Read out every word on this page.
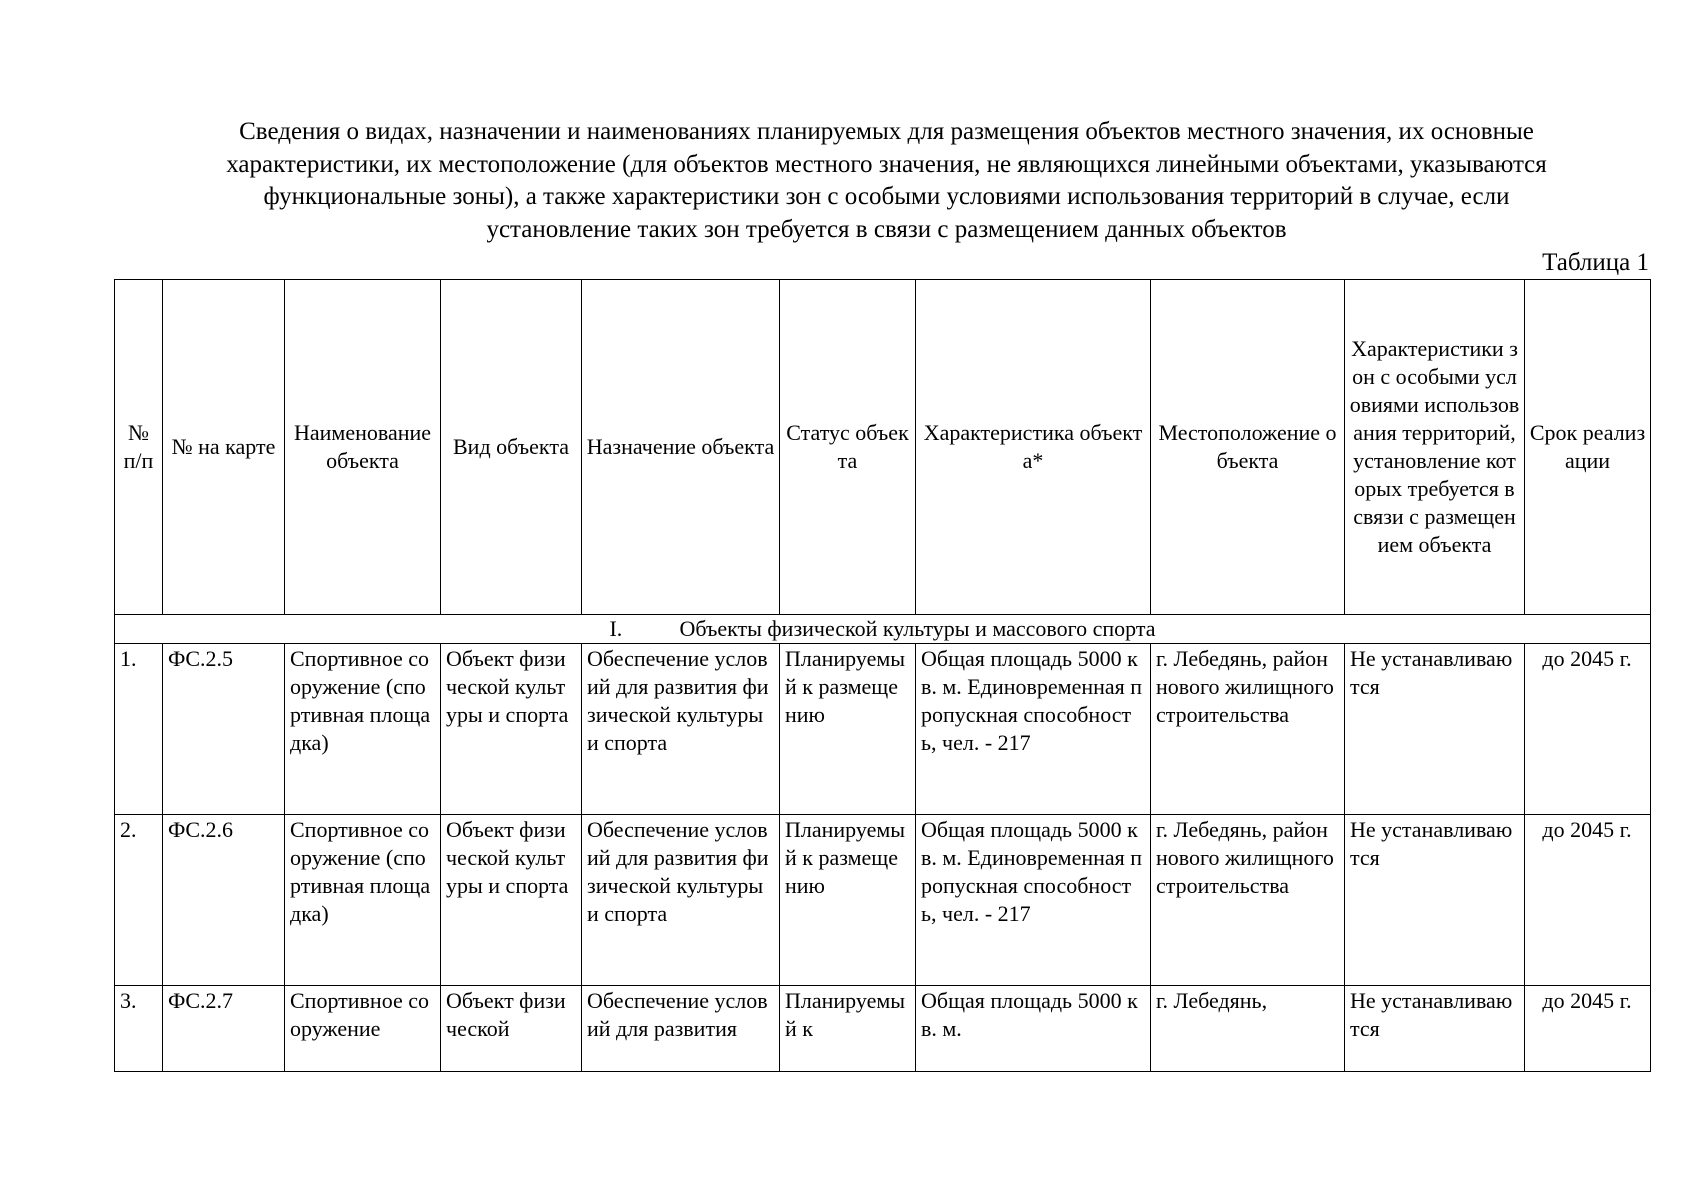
Сведения о видах, назначении и наименованиях планируемых для размещения объектов местного значения, их основные
характеристики, их местоположение (для объектов местного значения, не являющихся линейными объектами, указываются
функциональные зоны), а также характеристики зон с особыми условиями использования территорий в случае, если
установление таких зон требуется в связи с размещением данных объектов
Таблица 1
№ п/п	№ на карте	Наименование объекта	Вид объекта	Назначение объекта	Статус объекта	Характеристика объекта*	Местоположение объекта	Характеристики зон с особыми условиями использования территорий, установление которых требуется в связи с размещением объекта	Срок реализации
I. Объекты физической культуры и массового спорта									
1.	ФС.2.5	Спортивное сооружение (спортивная площадка)	Объект физической культуры и спорта	Обеспечение условий для развития физической культуры и спорта	Планируемый к размещению	Общая площадь 5000 кв. м. Единовременная пропускная способность, чел. - 217	г. Лебедянь, район нового жилищного строительства	Не устанавливаются	до 2045 г.
2.	ФС.2.6	Спортивное сооружение (спортивная площадка)	Объект физической культуры и спорта	Обеспечение условий для развития физической культуры и спорта	Планируемый к размещению	Общая площадь 5000 кв. м. Единовременная пропускная способность, чел. - 217	г. Лебедянь, район нового жилищного строительства	Не устанавливаются	до 2045 г.
3.	ФС.2.7	Спортивное сооружение	Объект физической	Обеспечение условий для развития	Планируемый к	Общая площадь 5000 кв. м.	г. Лебедянь,	Не устанавливаются	до 2045 г.
